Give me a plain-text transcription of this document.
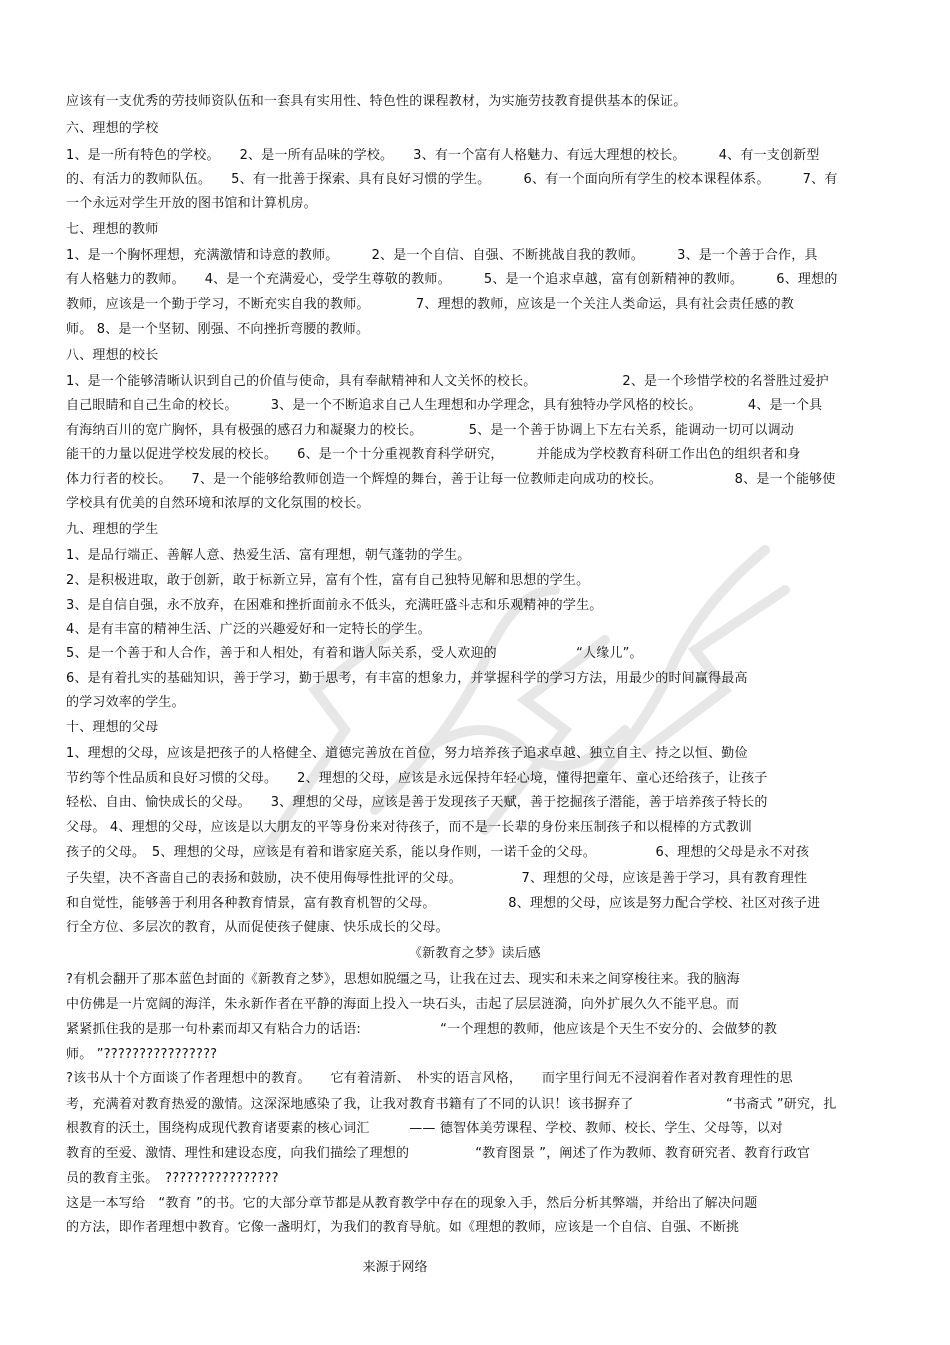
应该有一支优秀的劳技师资队伍和一套具有实用性、特色性的课程教材，为实施劳技教育提供基本的保证。
六、理想的学校
1、是一所有特色的学校。　　2、是一所有品味的学校。　　3、有一个富有人格魅力、有远大理想的校长。　　　4、有一支创新型
的、有活力的教师队伍。　　5、有一批善于探索、具有良好习惯的学生。　　　6、有一个面向所有学生的校本课程体系。　　　7、有
一个永远对学生开放的图书馆和计算机房。
七、理想的教师
1、是一个胸怀理想，充满激情和诗意的教师。　　　2、是一个自信、自强、不断挑战自我的教师。　　　3、是一个善于合作，具
有人格魅力的教师。　　4、是一个充满爱心，受学生尊敬的教师。　　　5、是一个追求卓越，富有创新精神的教师。　　　6、理想的
教师，应该是一个勤于学习，不断充实自我的教师。　　　　7、理想的教师，应该是一个关注人类命运，具有社会责任感的教
师。 8、是一个坚韧、刚强、不向挫折弯腰的教师。
八、理想的校长
1、是一个能够清晰认识到自己的价值与使命，具有奉献精神和人文关怀的校长。　　　　　　　2、是一个珍惜学校的名誉胜过爱护
自己眼睛和自己生命的校长。　　　3、是一个不断追求自己人生理想和办学理念，具有独特办学风格的校长。　　　　4、是一个具
有海纳百川的宽广胸怀，具有极强的感召力和凝聚力的校长。　　　　5、是一个善于协调上下左右关系，能调动一切可以调动
能干的力量以促进学校发展的校长。　　6、是一个十分重视教育科学研究，　　　并能成为学校教育科研工作出色的组织者和身
体力行者的校长。　　7、是一个能够给教师创造一个辉煌的舞台，善于让每一位教师走向成功的校长。　　　　　　8、是一个能够使
学校具有优美的自然环境和浓厚的文化氛围的校长。
九、理想的学生
1、是品行端正、善解人意、热爱生活、富有理想，朝气蓬勃的学生。
2、是积极进取，敢于创新，敢于标新立异，富有个性，富有自己独特见解和思想的学生。
3、是自信自强，永不放弃，在困难和挫折面前永不低头，充满旺盛斗志和乐观精神的学生。
4、是有丰富的精神生活、广泛的兴趣爱好和一定特长的学生。
5、是一个善于和人合作，善于和人相处，有着和谐人际关系，受人欢迎的　　　　　　“人缘儿”。
6、是有着扎实的基础知识，善于学习，勤于思考，有丰富的想象力，并掌握科学的学习方法，用最少的时间赢得最高
的学习效率的学生。
十、理想的父母
1、理想的父母，应该是把孩子的人格健全、道德完善放在首位，努力培养孩子追求卓越、独立自主、持之以恒、勤俭
节约等个性品质和良好习惯的父母。　　2、理想的父母，应该是永远保持年轻心境，懂得把童年、童心还给孩子，让孩子
轻松、自由、愉快成长的父母。　　3、理想的父母，应该是善于发现孩子天赋，善于挖掘孩子潜能，善于培养孩子特长的
父母。 4、理想的父母，应该是以大朋友的平等身份来对待孩子，而不是一长辈的身份来压制孩子和以棍棒的方式教训
孩子的父母。　5、理想的父母，应该是有着和谐家庭关系，能以身作则，一诺千金的父母。　　　　　6、理想的父母是永不对孩
子失望，决不吝啬自己的表扬和鼓励，决不使用侮辱性批评的父母。　　　　　7、理想的父母，应该是善于学习，具有教育理性
和自觉性，能够善于利用各种教育情景，富有教育机智的父母。　　　　　　8、理想的父母，应该是努力配合学校、社区对孩子进
行全方位、多层次的教育，从而促使孩子健康、快乐成长的父母。
《新教育之梦》读后感
?有机会翻开了那本蓝色封面的《新教育之梦》，思想如脱缰之马，让我在过去、现实和未来之间穿梭往来。我的脑海
中仿佛是一片宽阔的海洋，朱永新作者在平静的海面上投入一块石头，击起了层层涟漪，向外扩展久久不能平息。而
紧紧抓住我的是那一句朴素而却又有粘合力的话语:　　　　　　“一个理想的教师，他应该是个天生不安分的、会做梦的教
师。 ”????????????????
?该书从十个方面谈了作者理想中的教育。　　它有着清新、　朴实的语言风格，　　而字里行间无不浸润着作者对教育理性的思
考，充满着对教育热爱的激情。这深深地感染了我，让我对教育书籍有了不同的认识！该书摒弃了　　　　　　　“书斋式 ”研究，扎
根教育的沃土，围绕构成现代教育诸要素的核心词汇　　　—— 德智体美劳课程、学校、教师、校长、学生、父母等，以对
教育的至爱、激情、理性和建设态度，向我们描绘了理想的　　　　　“教育图景 ”，阐述了作为教师、教育研究者、教育行政官
员的教育主张。　????????????????
这是一本写给　“教育 ”的书。它的大部分章节都是从教育教学中存在的现象入手，然后分析其弊端，并给出了解决问题
的方法，即作者理想中教育。它像一盏明灯，为我们的教育导航。如《理想的教师，应该是一个自信、自强、不断挑
来源于网络
